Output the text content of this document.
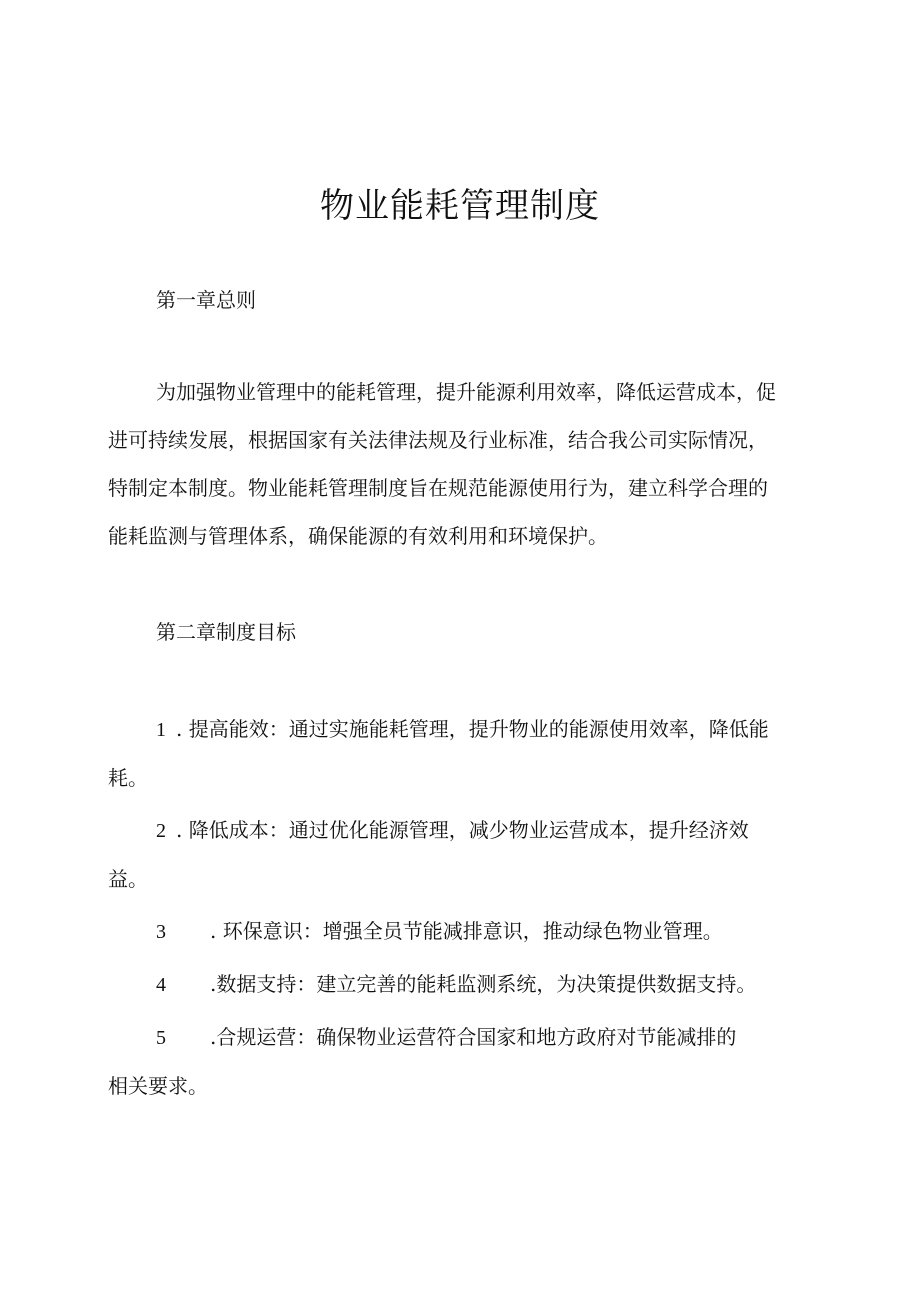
物业能耗管理制度

第一章总则

为加强物业管理中的能耗管理，提升能源利用效率，降低运营成本，促
进可持续发展，根据国家有关法律法规及行业标准，结合我公司实际情况，
特制定本制度。物业能耗管理制度旨在规范能源使用行为，建立科学合理的
能耗监测与管理体系，确保能源的有效利用和环境保护。

第二章制度目标

1 . 提高能效：通过实施能耗管理，提升物业的能源使用效率，降低能
耗。
2 . 降低成本：通过优化能源管理，减少物业运营成本，提升经济效
益。
3 . 环保意识：增强全员节能减排意识，推动绿色物业管理。
4 .数据支持：建立完善的能耗监测系统，为决策提供数据支持。
5 .合规运营：确保物业运营符合国家和地方政府对节能减排的
相关要求。
